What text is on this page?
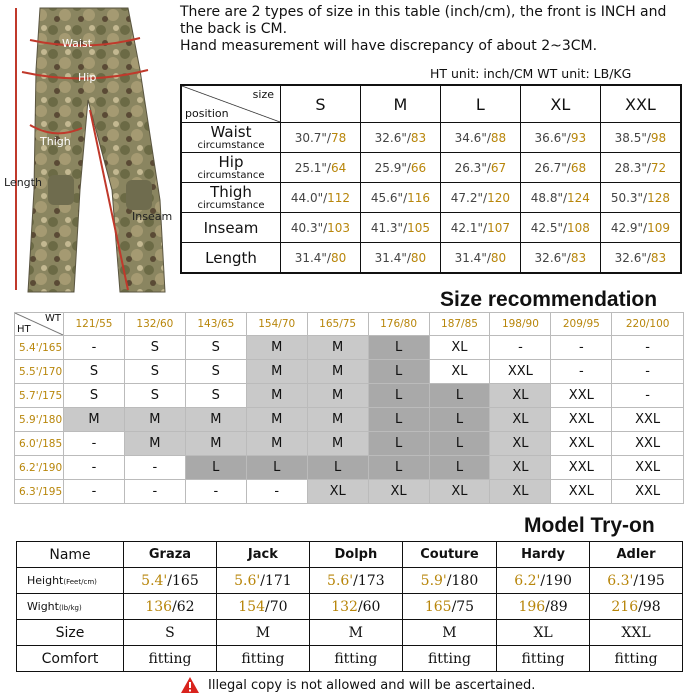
Waist
Hip
Thigh
Length
Inseam
There are 2 types of size in this table (inch/cm), the front is INCH and
the back is CM.
Hand measurement will have discrepancy of about 2~3CM.
HT unit: inch/CM WT unit: LB/KG
size
position	S	M	L	XL	XXL

Waist
circumstance	30.7"/78	32.6"/83	34.6"/88	36.6"/93	38.5"/98

Hip
circumstance	25.1"/64	25.9"/66	26.3"/67	26.7"/68	28.3"/72

Thigh
circumstance	44.0"/112	45.6"/116	47.2"/120	48.8"/124	50.3"/128

Inseam	40.3"/103	41.3"/105	42.1"/107	42.5"/108	42.9"/109

Length	31.4"/80	31.4"/80	31.4"/80	32.6"/83	32.6"/83
Size recommendation
WT
HT	121/55	132/60	143/65	154/70	165/75	176/80	187/85	198/90	209/95	220/100
5.4'/165	-	S	S	M	M	L	XL	-	-	-
5.5'/170	S	S	S	M	M	L	XL	XXL	-	-
5.7'/175	S	S	S	M	M	L	L	XL	XXL	-
5.9'/180	M	M	M	M	M	L	L	XL	XXL	XXL
6.0'/185	-	M	M	M	M	L	L	XL	XXL	XXL
6.2'/190	-	-	L	L	L	L	L	XL	XXL	XXL
6.3'/195	-	-	-	-	XL	XL	XL	XL	XXL	XXL
Model Try-on
Name	Graza	Jack	Dolph	Couture	Hardy	Adler
Height(Feet/cm)	5.4'/165	5.6'/171	5.6'/173	5.9'/180	6.2'/190	6.3'/195
Wight(lb/kg)	136/62	154/70	132/60	165/75	196/89	216/98
Size	S	M	M	M	XL	XXL
Comfort	fitting	fitting	fitting	fitting	fitting	fitting
Illegal copy is not allowed and will be ascertained.
